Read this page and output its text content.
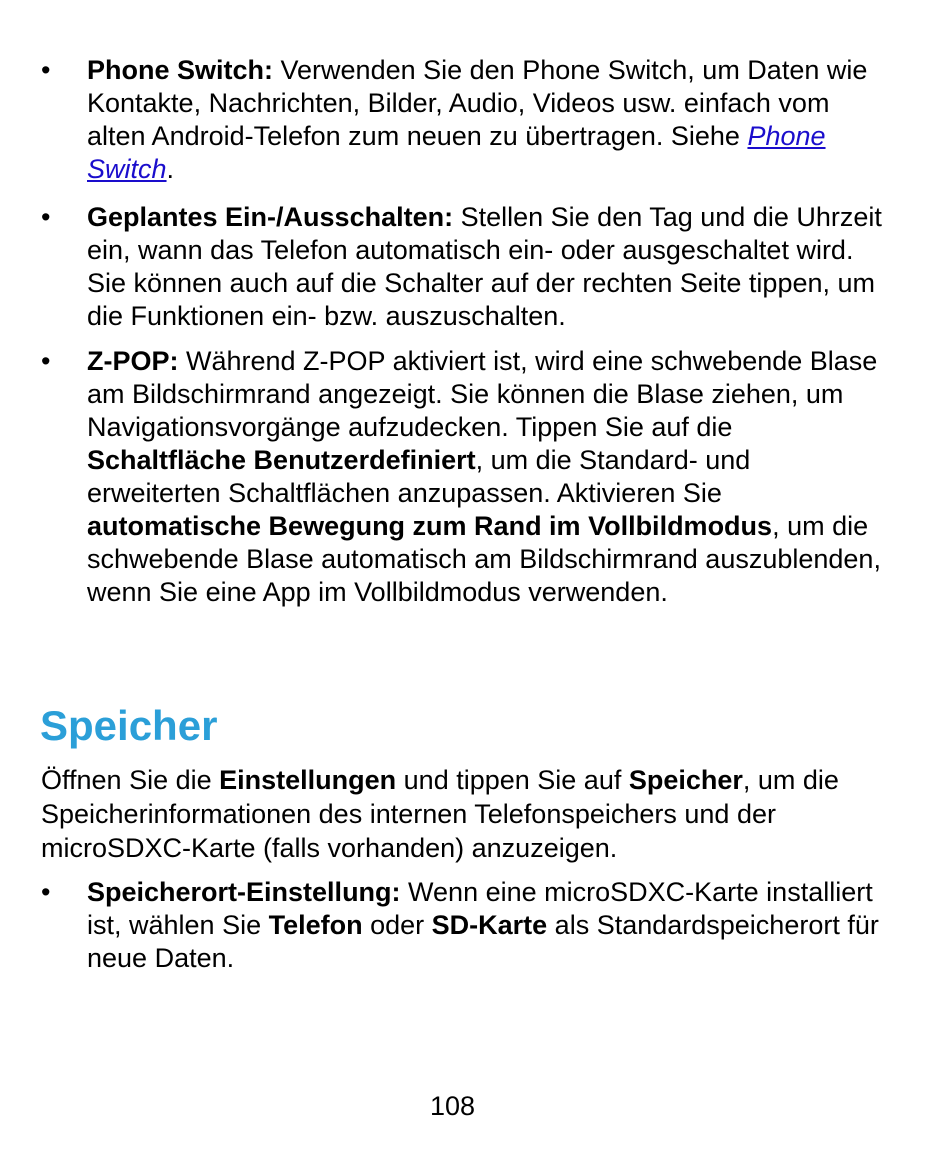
• Phone Switch: Verwenden Sie den Phone Switch, um Daten wie Kontakte, Nachrichten, Bilder, Audio, Videos usw. einfach vom alten Android-Telefon zum neuen zu übertragen. Siehe Phone Switch.
• Geplantes Ein-/Ausschalten: Stellen Sie den Tag und die Uhrzeit ein, wann das Telefon automatisch ein- oder ausgeschaltet wird. Sie können auch auf die Schalter auf der rechten Seite tippen, um die Funktionen ein- bzw. auszuschalten.
• Z-POP: Während Z-POP aktiviert ist, wird eine schwebende Blase am Bildschirmrand angezeigt. Sie können die Blase ziehen, um Navigationsvorgänge aufzudecken. Tippen Sie auf die Schaltfläche Benutzerdefiniert, um die Standard- und erweiterten Schaltflächen anzupassen. Aktivieren Sie automatische Bewegung zum Rand im Vollbildmodus, um die schwebende Blase automatisch am Bildschirmrand auszublenden, wenn Sie eine App im Vollbildmodus verwenden.
Speicher

Öffnen Sie die Einstellungen und tippen Sie auf Speicher, um die Speicherinformationen des internen Telefonspeichers und der microSDXC-Karte (falls vorhanden) anzuzeigen.

• Speicherort-Einstellung: Wenn eine microSDXC-Karte installiert ist, wählen Sie Telefon oder SD-Karte als Standardspeicherort für neue Daten.
108
